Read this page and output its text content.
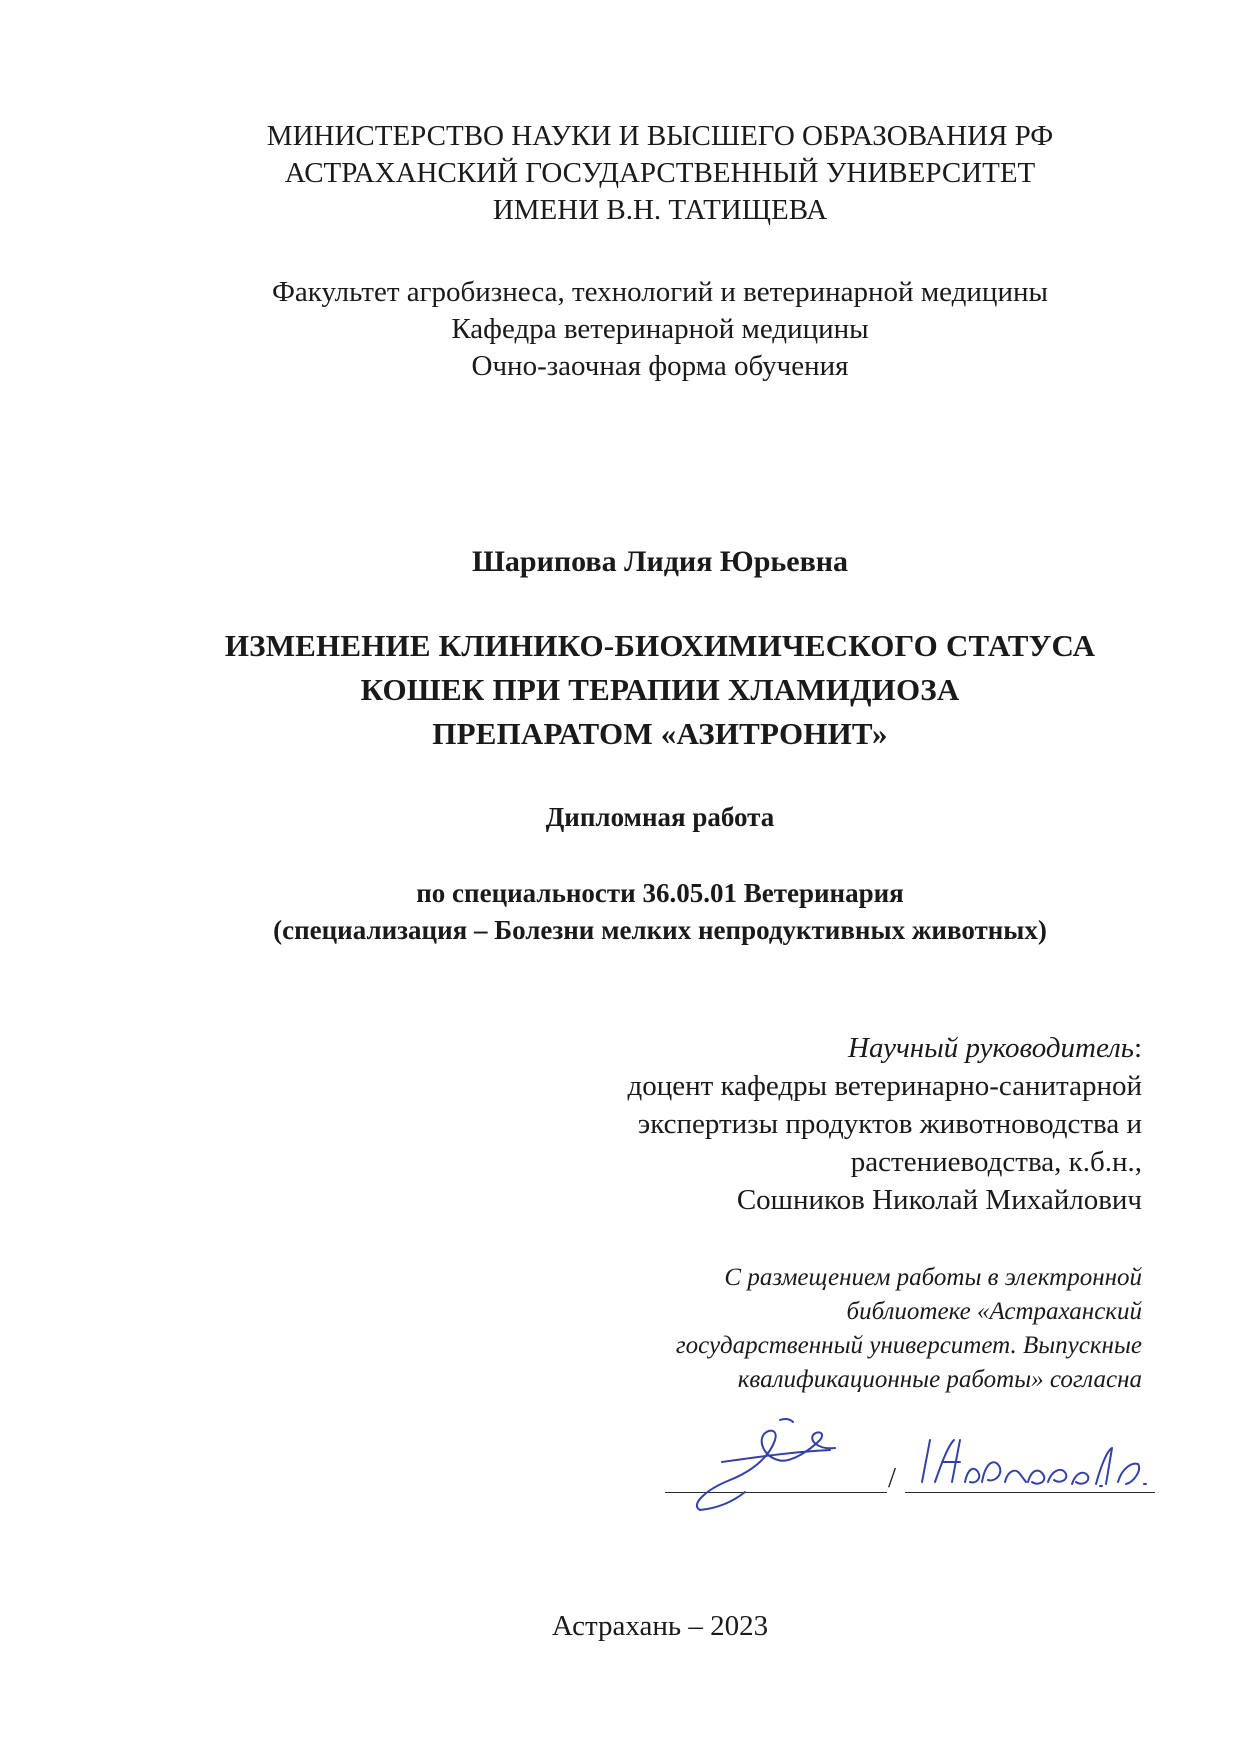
МИНИСТЕРСТВО НАУКИ И ВЫСШЕГО ОБРАЗОВАНИЯ РФ
АСТРАХАНСКИЙ ГОСУДАРСТВЕННЫЙ УНИВЕРСИТЕТ
ИМЕНИ В.Н. ТАТИЩЕВА
Факультет агробизнеса, технологий и ветеринарной медицины
Кафедра ветеринарной медицины
Очно-заочная форма обучения
Шарипова Лидия Юрьевна
ИЗМЕНЕНИЕ КЛИНИКО-БИОХИМИЧЕСКОГО СТАТУСА
КОШЕК ПРИ ТЕРАПИИ ХЛАМИДИОЗА
ПРЕПАРАТОМ «АЗИТРОНИТ»
Дипломная работа
по специальности 36.05.01 Ветеринария
(специализация – Болезни мелких непродуктивных животных)
Научный руководитель:
доцент кафедры ветеринарно-санитарной
экспертизы продуктов животноводства и
растениеводства, к.б.н.,
Сошников Николай Михайлович
С размещением работы в электронной
библиотеке «Астраханский
государственный университет. Выпускные
квалификационные работы» согласна
/
Астрахань – 2023
